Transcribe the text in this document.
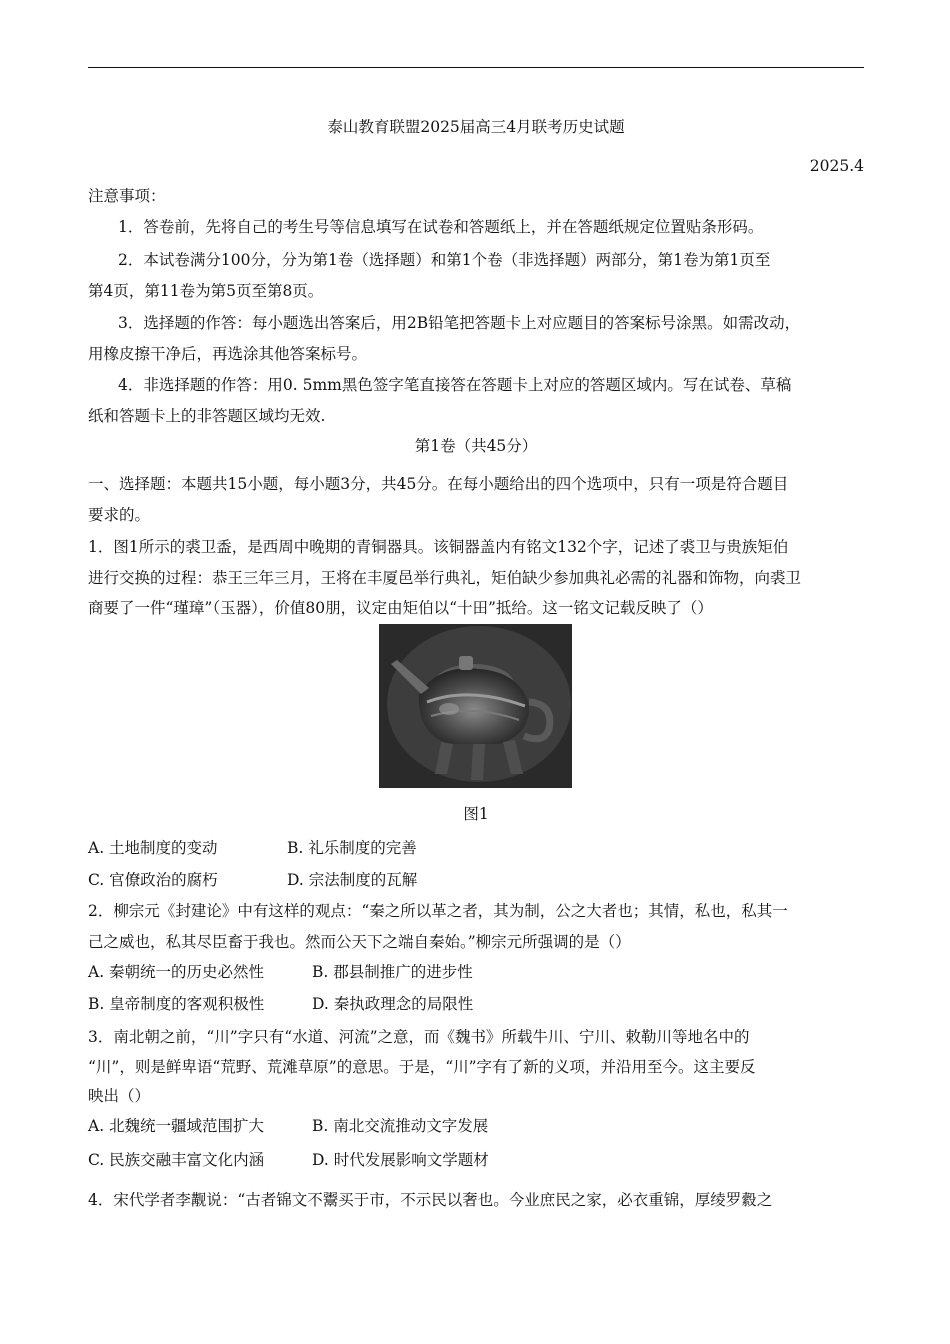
泰山教育联盟2025届高三4月联考历史试题
2025.4
注意事项：
1．答卷前，先将自己的考生号等信息填写在试卷和答题纸上，并在答题纸规定位置贴条形码。
2．本试卷满分100分，分为第1卷（选择题）和第1个卷（非选择题）两部分，第1卷为第1页至
第4页，第11卷为第5页至第8页。
3．选择题的作答：每小题选出答案后，用2B铅笔把答题卡上对应题目的答案标号涂黑。如需改动，
用橡皮擦干净后，再选涂其他答案标号。
4．非选择题的作答：用0. 5mm黑色签字笔直接答在答题卡上对应的答题区域内。写在试卷、草稿
纸和答题卡上的非答题区域均无效.
第1卷（共45分）
一、选择题：本题共15小题，每小题3分，共45分。在每小题给出的四个选项中，只有一项是符合题目
要求的。
1．图1所示的裘卫盉，是西周中晚期的青铜器具。该铜器盖内有铭文132个字，记述了裘卫与贵族矩伯
进行交换的过程：恭王三年三月，王将在丰厦邑举行典礼，矩伯缺少参加典礼必需的礼器和饰物，向裘卫
商要了一件“瑾璋”（玉器），价值80朋，议定由矩伯以“十田”抵给。这一铭文记载反映了（）
图1
A. 土地制度的变动	B. 礼乐制度的完善
C. 官僚政治的腐朽	D. 宗法制度的瓦解
2．柳宗元《封建论》中有这样的观点：“秦之所以革之者，其为制，公之大者也；其情，私也，私其一
己之威也，私其尽臣畜于我也。然而公天下之端自秦始。”柳宗元所强调的是（）
A. 秦朝统一的历史必然性	B. 郡县制推广的进步性
B. 皇帝制度的客观积极性	D. 秦执政理念的局限性
3．南北朝之前，“川”字只有“水道、河流”之意，而《魏书》所载牛川、宁川、敕勒川等地名中的
“川”，则是鲜卑语“荒野、荒滩草原”的意思。于是，“川”字有了新的义项，并沿用至今。这主要反
映出（）
A. 北魏统一疆域范围扩大	B. 南北交流推动文字发展
C. 民族交融丰富文化内涵	D. 时代发展影响文学题材
4．宋代学者李觏说：“古者锦文不鬻买于市，不示民以奢也。今业庶民之家，必衣重锦，厚绫罗縠之
